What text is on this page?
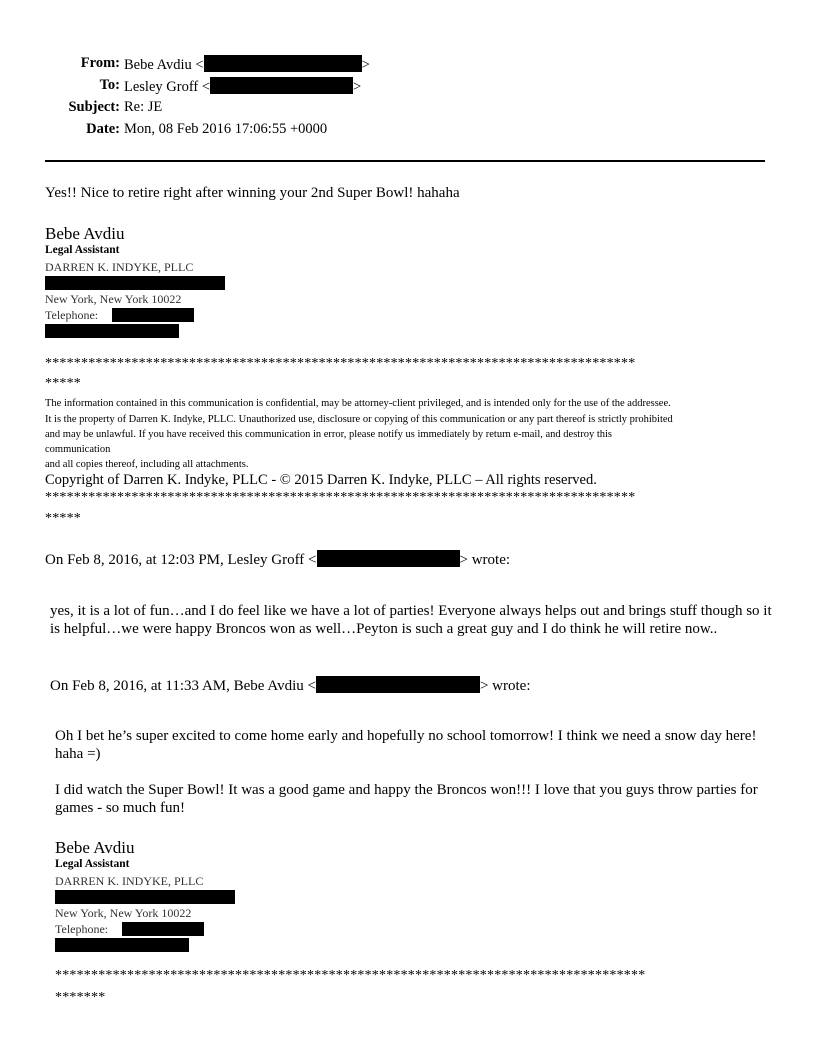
From: Bebe Avdiu <	>
To: Lesley Groff <	>
Subject: Re: JE
Date: Mon, 08 Feb 2016 17:06:55 +0000
Yes!! Nice to retire right after winning your 2nd Super Bowl! hahaha
Bebe Avdiu
Legal Assistant
DARREN K. INDYKE, PLLC
New York, New York 10022
Telephone:
**********************************************************************************
*****
The information contained in this communication is confidential, may be attorney-client privileged, and is intended only for the use of the addressee.
It is the property of Darren K. Indyke, PLLC. Unauthorized use, disclosure or copying of this communication or any part thereof is strictly prohibited
and may be unlawful. If you have received this communication in error, please notify us immediately by return e-mail, and destroy this
communication
and all copies thereof, including all attachments.
Copyright of Darren K. Indyke, PLLC - © 2015 Darren K. Indyke, PLLC – All rights reserved.
**********************************************************************************
*****
On Feb 8, 2016, at 12:03 PM, Lesley Groff <	> wrote:
yes, it is a lot of fun…and I do feel like we have a lot of parties! Everyone always helps out and brings stuff though so it is helpful…we were happy Broncos won as well…Peyton is such a great guy and I do think he will retire now..
On Feb 8, 2016, at 11:33 AM, Bebe Avdiu <	> wrote:
Oh I bet he’s super excited to come home early and hopefully no school tomorrow! I think we need a snow day here! haha =)
I did watch the Super Bowl! It was a good game and happy the Broncos won!!! I love that you guys throw parties for games - so much fun!
Bebe Avdiu
Legal Assistant
DARREN K. INDYKE, PLLC
New York, New York 10022
Telephone:
**********************************************************************************
*******
